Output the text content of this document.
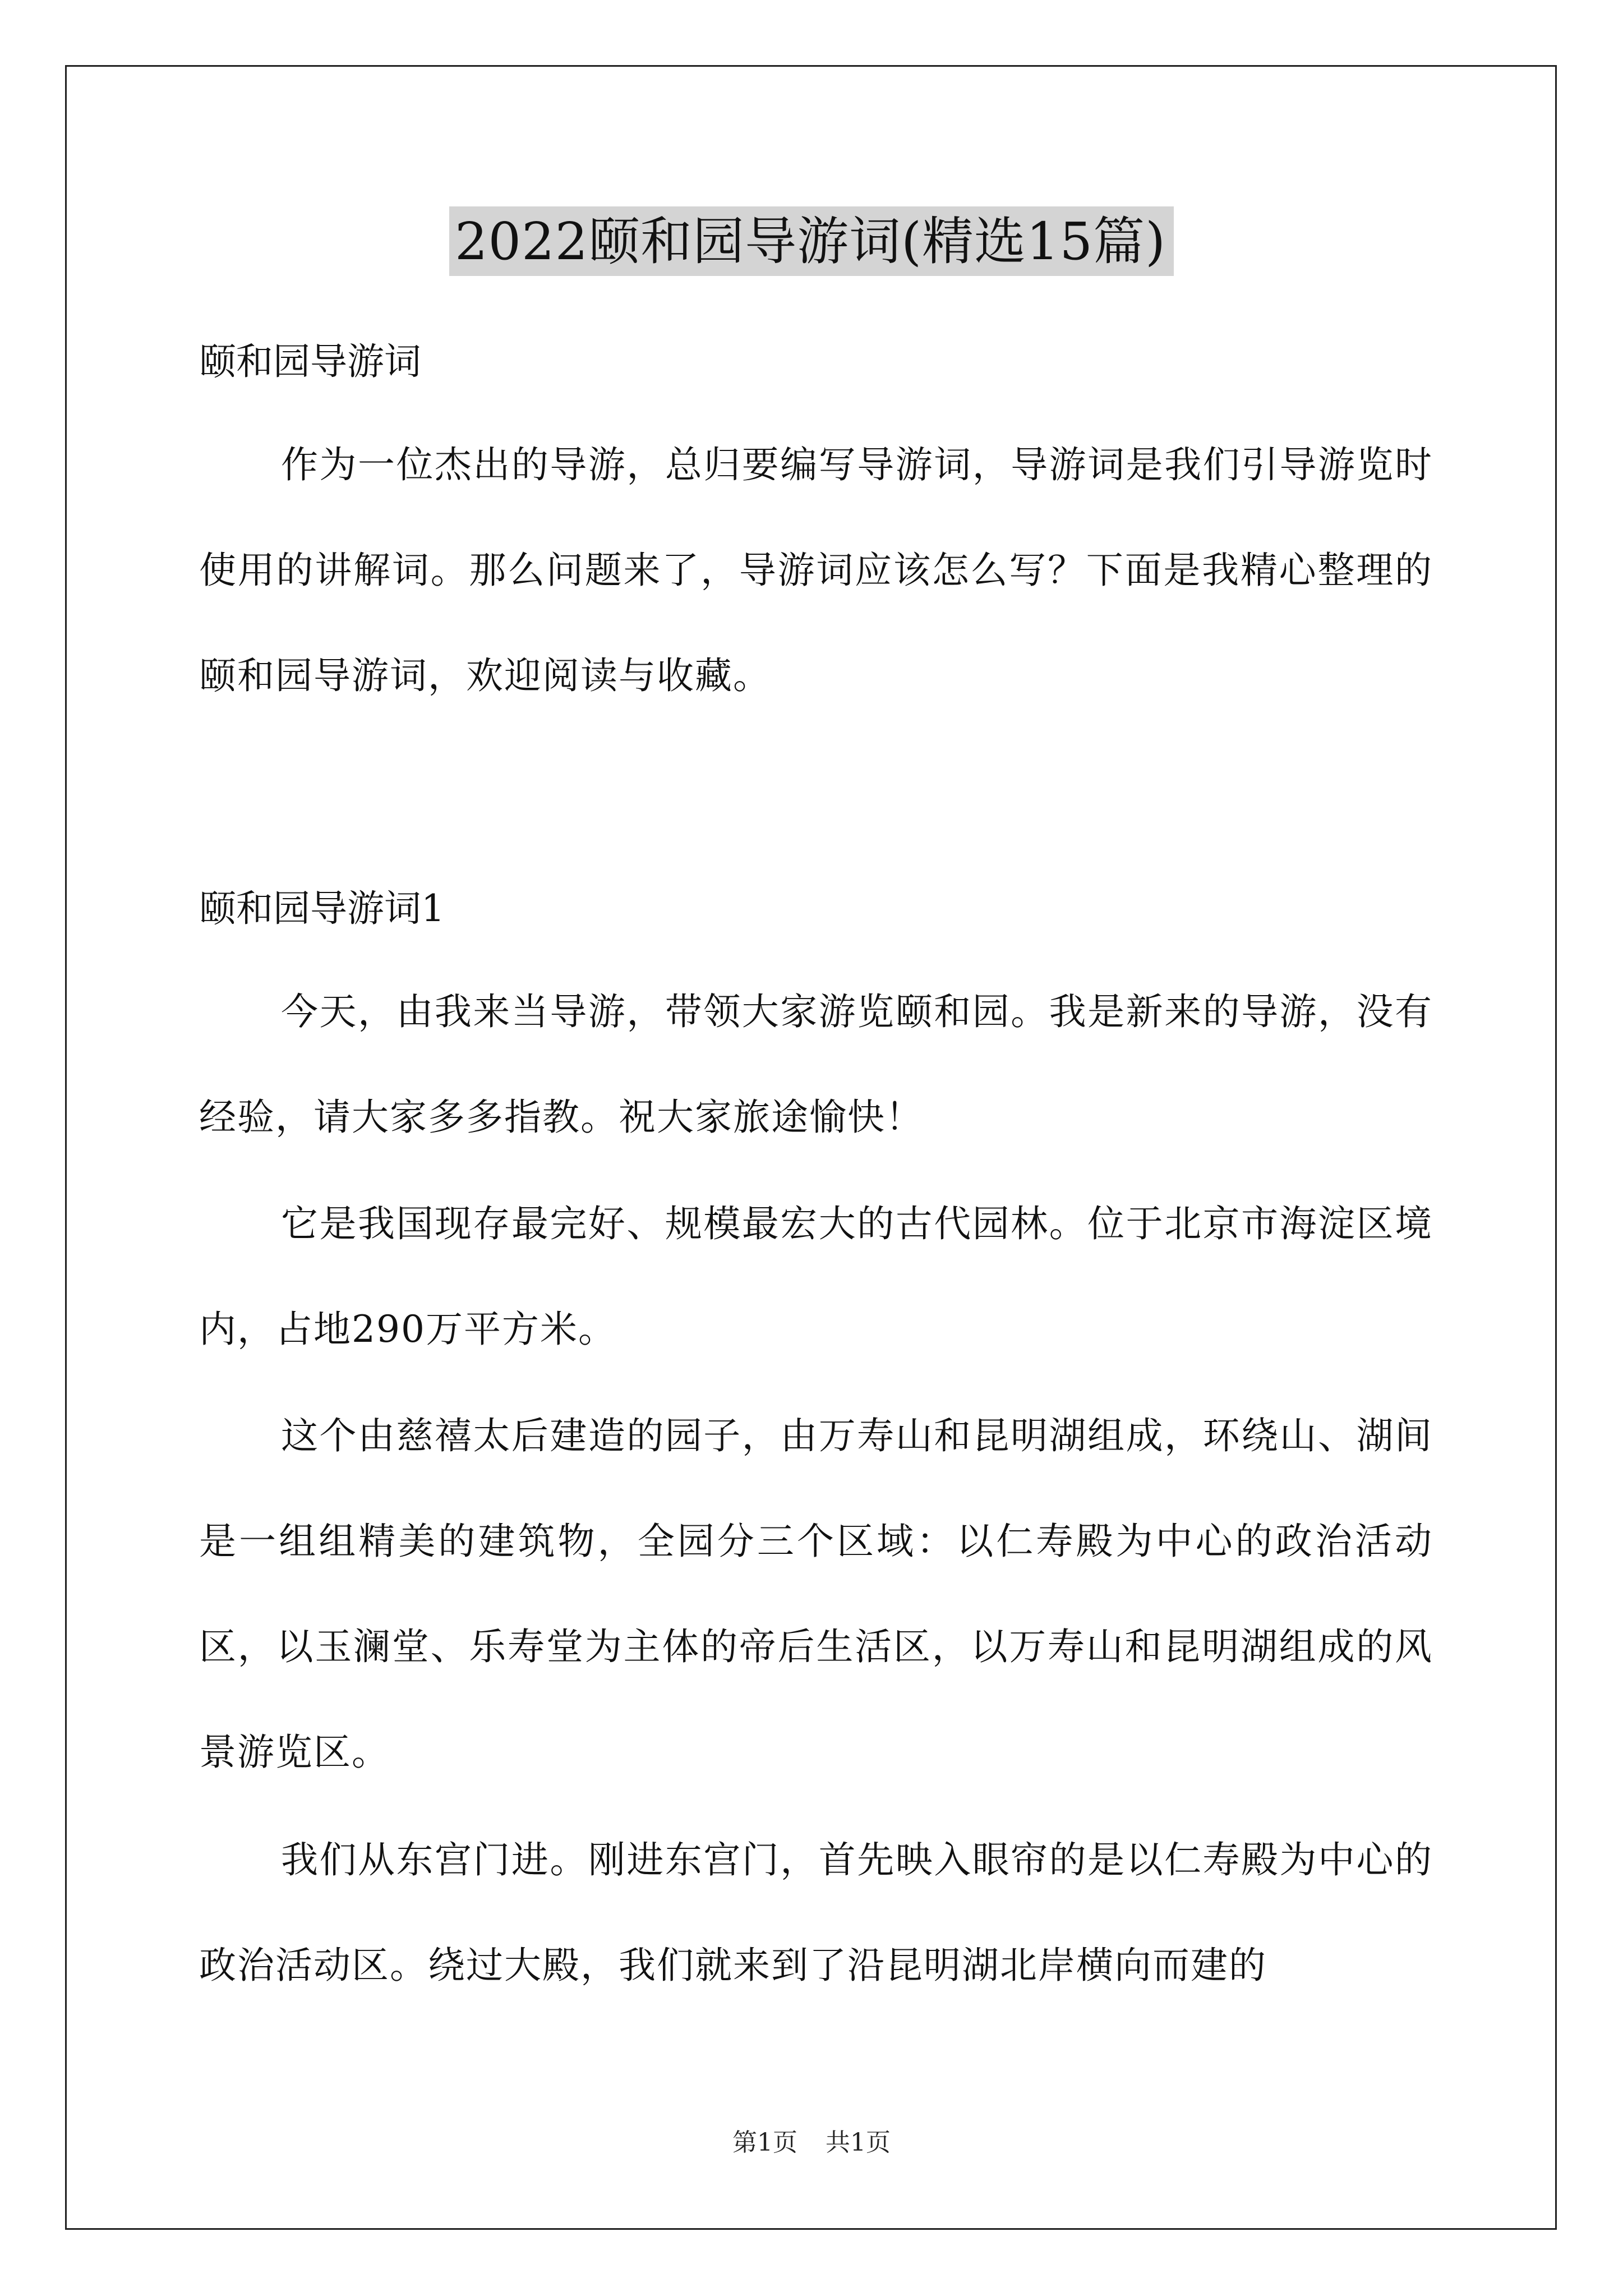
2022颐和园导游词(精选15篇)
颐和园导游词
作为一位杰出的导游，总归要编写导游词，导游词是我们引导游览时使用的讲解词。那么问题来了，导游词应该怎么写？下面是我精心整理的颐和园导游词，欢迎阅读与收藏。
颐和园导游词1
今天，由我来当导游，带领大家游览颐和园。我是新来的导游，没有经验，请大家多多指教。祝大家旅途愉快！
它是我国现存最完好、规模最宏大的古代园林。位于北京市海淀区境内，占地290万平方米。
这个由慈禧太后建造的园子，由万寿山和昆明湖组成，环绕山、湖间是一组组精美的建筑物，全园分三个区域：以仁寿殿为中心的政治活动区，以玉澜堂、乐寿堂为主体的帝后生活区，以万寿山和昆明湖组成的风景游览区。
我们从东宫门进。刚进东宫门，首先映入眼帘的是以仁寿殿为中心的政治活动区。绕过大殿，我们就来到了沿昆明湖北岸横向而建的
第1页 共1页
